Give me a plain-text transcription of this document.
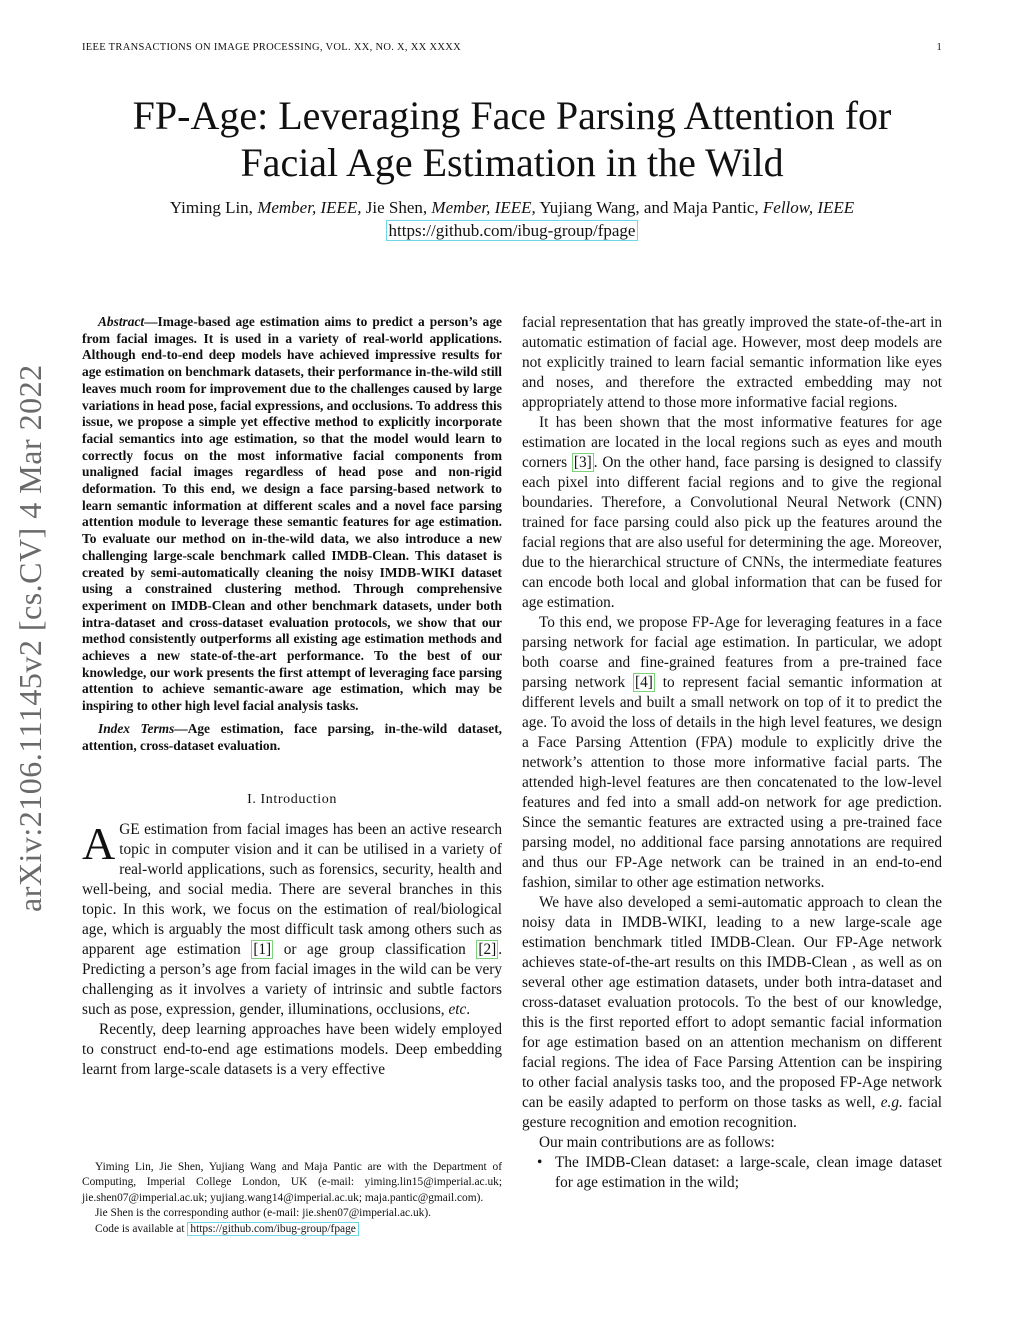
IEEE TRANSACTIONS ON IMAGE PROCESSING, VOL. XX, NO. X, XX XXXX	1
arXiv:2106.11145v2 [cs.CV] 4 Mar 2022
FP-Age: Leveraging Face Parsing Attention for Facial Age Estimation in the Wild
Yiming Lin, Member, IEEE, Jie Shen, Member, IEEE, Yujiang Wang, and Maja Pantic, Fellow, IEEE
https://github.com/ibug-group/fpage

Abstract—Image-based age estimation aims to predict a person’s age from facial images. It is used in a variety of real-world applications. Although end-to-end deep models have achieved impressive results for age estimation on benchmark datasets, their performance in-the-wild still leaves much room for improvement due to the challenges caused by large variations in head pose, facial expressions, and occlusions. To address this issue, we propose a simple yet effective method to explicitly incorporate facial semantics into age estimation, so that the model would learn to correctly focus on the most informative facial components from unaligned facial images regardless of head pose and non-rigid deformation. To this end, we design a face parsing-based network to learn semantic information at different scales and a novel face parsing attention module to leverage these semantic features for age estimation. To evaluate our method on in-the-wild data, we also introduce a new challenging large-scale benchmark called IMDB-Clean. This dataset is created by semi-automatically cleaning the noisy IMDB-WIKI dataset using a constrained clustering method. Through comprehensive experiment on IMDB-Clean and other benchmark datasets, under both intra-dataset and cross-dataset evaluation protocols, we show that our method consistently outperforms all existing age estimation methods and achieves a new state-of-the-art performance. To the best of our knowledge, our work presents the first attempt of leveraging face parsing attention to achieve semantic-aware age estimation, which may be inspiring to other high level facial analysis tasks.

Index Terms—Age estimation, face parsing, in-the-wild dataset, attention, cross-dataset evaluation.

I. Introduction

AGE estimation from facial images has been an active research topic in computer vision and it can be utilised in a variety of real-world applications, such as forensics, security, health and well-being, and social media. There are several branches in this topic. In this work, we focus on the estimation of real/biological age, which is arguably the most difficult task among others such as apparent age estimation [1] or age group classification [2] . Predicting a person’s age from facial images in the wild can be very challenging as it involves a variety of intrinsic and subtle factors such as pose, expression, gender, illuminations, occlusions, etc.

Recently, deep learning approaches have been widely employed to construct end-to-end age estimations models. Deep embedding learnt from large-scale datasets is a very effective

Yiming Lin, Jie Shen, Yujiang Wang and Maja Pantic are with the Department of Computing, Imperial College London, UK (e-mail: yiming.lin15@imperial.ac.uk; jie.shen07@imperial.ac.uk; yujiang.wang14@imperial.ac.uk; maja.pantic@gmail.com).

Jie Shen is the corresponding author (e-mail: jie.shen07@imperial.ac.uk).

Code is available at https://github.com/ibug-group/fpage

facial representation that has greatly improved the state-of-the-art in automatic estimation of facial age. However, most deep models are not explicitly trained to learn facial semantic information like eyes and noses, and therefore the extracted embedding may not appropriately attend to those more informative facial regions.

It has been shown that the most informative features for age estimation are located in the local regions such as eyes and mouth corners [3] . On the other hand, face parsing is designed to classify each pixel into different facial regions and to give the regional boundaries. Therefore, a Convolutional Neural Network (CNN) trained for face parsing could also pick up the features around the facial regions that are also useful for determining the age. Moreover, due to the hierarchical structure of CNNs, the intermediate features can encode both local and global information that can be fused for age estimation.

To this end, we propose FP-Age for leveraging features in a face parsing network for facial age estimation. In particular, we adopt both coarse and fine-grained features from a pre-trained face parsing network [4] to represent facial semantic information at different levels and built a small network on top of it to predict the age. To avoid the loss of details in the high level features, we design a Face Parsing Attention (FPA) module to explicitly drive the network’s attention to those more informative facial parts. The attended high-level features are then concatenated to the low-level features and fed into a small add-on network for age prediction. Since the semantic features are extracted using a pre-trained face parsing model, no additional face parsing annotations are required and thus our FP-Age network can be trained in an end-to-end fashion, similar to other age estimation networks.

We have also developed a semi-automatic approach to clean the noisy data in IMDB-WIKI, leading to a new large-scale age estimation benchmark titled IMDB-Clean. Our FP-Age network achieves state-of-the-art results on this IMDB-Clean , as well as on several other age estimation datasets, under both intra-dataset and cross-dataset evaluation protocols. To the best of our knowledge, this is the first reported effort to adopt semantic facial information for age estimation based on an attention mechanism on different facial regions. The idea of Face Parsing Attention can be inspiring to other facial analysis tasks too, and the proposed FP-Age network can be easily adapted to perform on those tasks as well, e.g. facial gesture recognition and emotion recognition.

Our main contributions are as follows:

• The IMDB-Clean dataset: a large-scale, clean image dataset for age estimation in the wild;
